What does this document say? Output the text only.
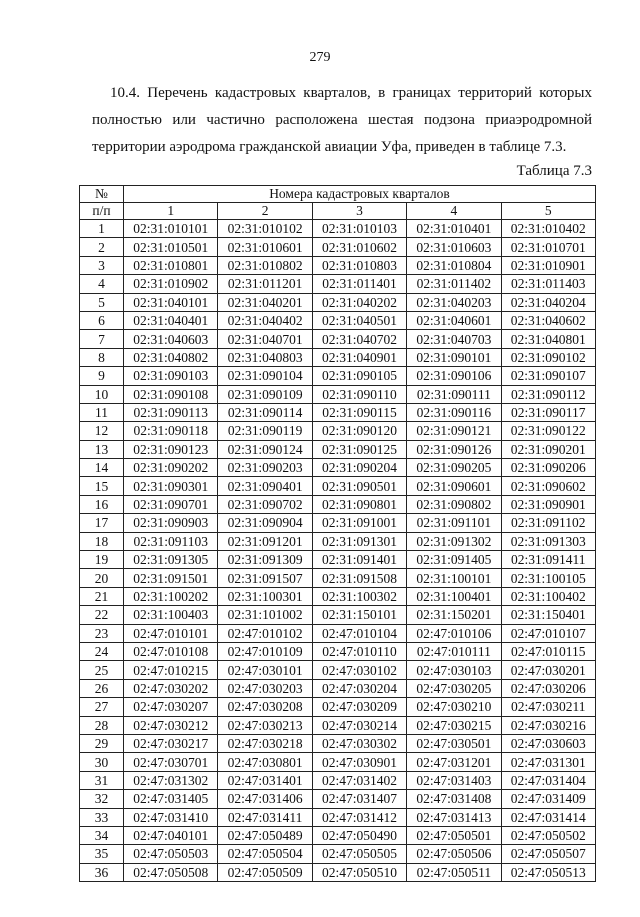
279

10.4. Перечень кадастровых кварталов, в границах территорий которых полностью или частично расположена шестая подзона приаэродромной территории аэродрома гражданской авиации Уфа, приведен в таблице 7.3.

Таблица 7.3
№	Номера кадастровых кварталов				
п/п	1	2	3	4	5
1	02:31:010101	02:31:010102	02:31:010103	02:31:010401	02:31:010402
2	02:31:010501	02:31:010601	02:31:010602	02:31:010603	02:31:010701
3	02:31:010801	02:31:010802	02:31:010803	02:31:010804	02:31:010901
4	02:31:010902	02:31:011201	02:31:011401	02:31:011402	02:31:011403
5	02:31:040101	02:31:040201	02:31:040202	02:31:040203	02:31:040204
6	02:31:040401	02:31:040402	02:31:040501	02:31:040601	02:31:040602
7	02:31:040603	02:31:040701	02:31:040702	02:31:040703	02:31:040801
8	02:31:040802	02:31:040803	02:31:040901	02:31:090101	02:31:090102
9	02:31:090103	02:31:090104	02:31:090105	02:31:090106	02:31:090107
10	02:31:090108	02:31:090109	02:31:090110	02:31:090111	02:31:090112
11	02:31:090113	02:31:090114	02:31:090115	02:31:090116	02:31:090117
12	02:31:090118	02:31:090119	02:31:090120	02:31:090121	02:31:090122
13	02:31:090123	02:31:090124	02:31:090125	02:31:090126	02:31:090201
14	02:31:090202	02:31:090203	02:31:090204	02:31:090205	02:31:090206
15	02:31:090301	02:31:090401	02:31:090501	02:31:090601	02:31:090602
16	02:31:090701	02:31:090702	02:31:090801	02:31:090802	02:31:090901
17	02:31:090903	02:31:090904	02:31:091001	02:31:091101	02:31:091102
18	02:31:091103	02:31:091201	02:31:091301	02:31:091302	02:31:091303
19	02:31:091305	02:31:091309	02:31:091401	02:31:091405	02:31:091411
20	02:31:091501	02:31:091507	02:31:091508	02:31:100101	02:31:100105
21	02:31:100202	02:31:100301	02:31:100302	02:31:100401	02:31:100402
22	02:31:100403	02:31:101002	02:31:150101	02:31:150201	02:31:150401
23	02:47:010101	02:47:010102	02:47:010104	02:47:010106	02:47:010107
24	02:47:010108	02:47:010109	02:47:010110	02:47:010111	02:47:010115
25	02:47:010215	02:47:030101	02:47:030102	02:47:030103	02:47:030201
26	02:47:030202	02:47:030203	02:47:030204	02:47:030205	02:47:030206
27	02:47:030207	02:47:030208	02:47:030209	02:47:030210	02:47:030211
28	02:47:030212	02:47:030213	02:47:030214	02:47:030215	02:47:030216
29	02:47:030217	02:47:030218	02:47:030302	02:47:030501	02:47:030603
30	02:47:030701	02:47:030801	02:47:030901	02:47:031201	02:47:031301
31	02:47:031302	02:47:031401	02:47:031402	02:47:031403	02:47:031404
32	02:47:031405	02:47:031406	02:47:031407	02:47:031408	02:47:031409
33	02:47:031410	02:47:031411	02:47:031412	02:47:031413	02:47:031414
34	02:47:040101	02:47:050489	02:47:050490	02:47:050501	02:47:050502
35	02:47:050503	02:47:050504	02:47:050505	02:47:050506	02:47:050507
36	02:47:050508	02:47:050509	02:47:050510	02:47:050511	02:47:050513
